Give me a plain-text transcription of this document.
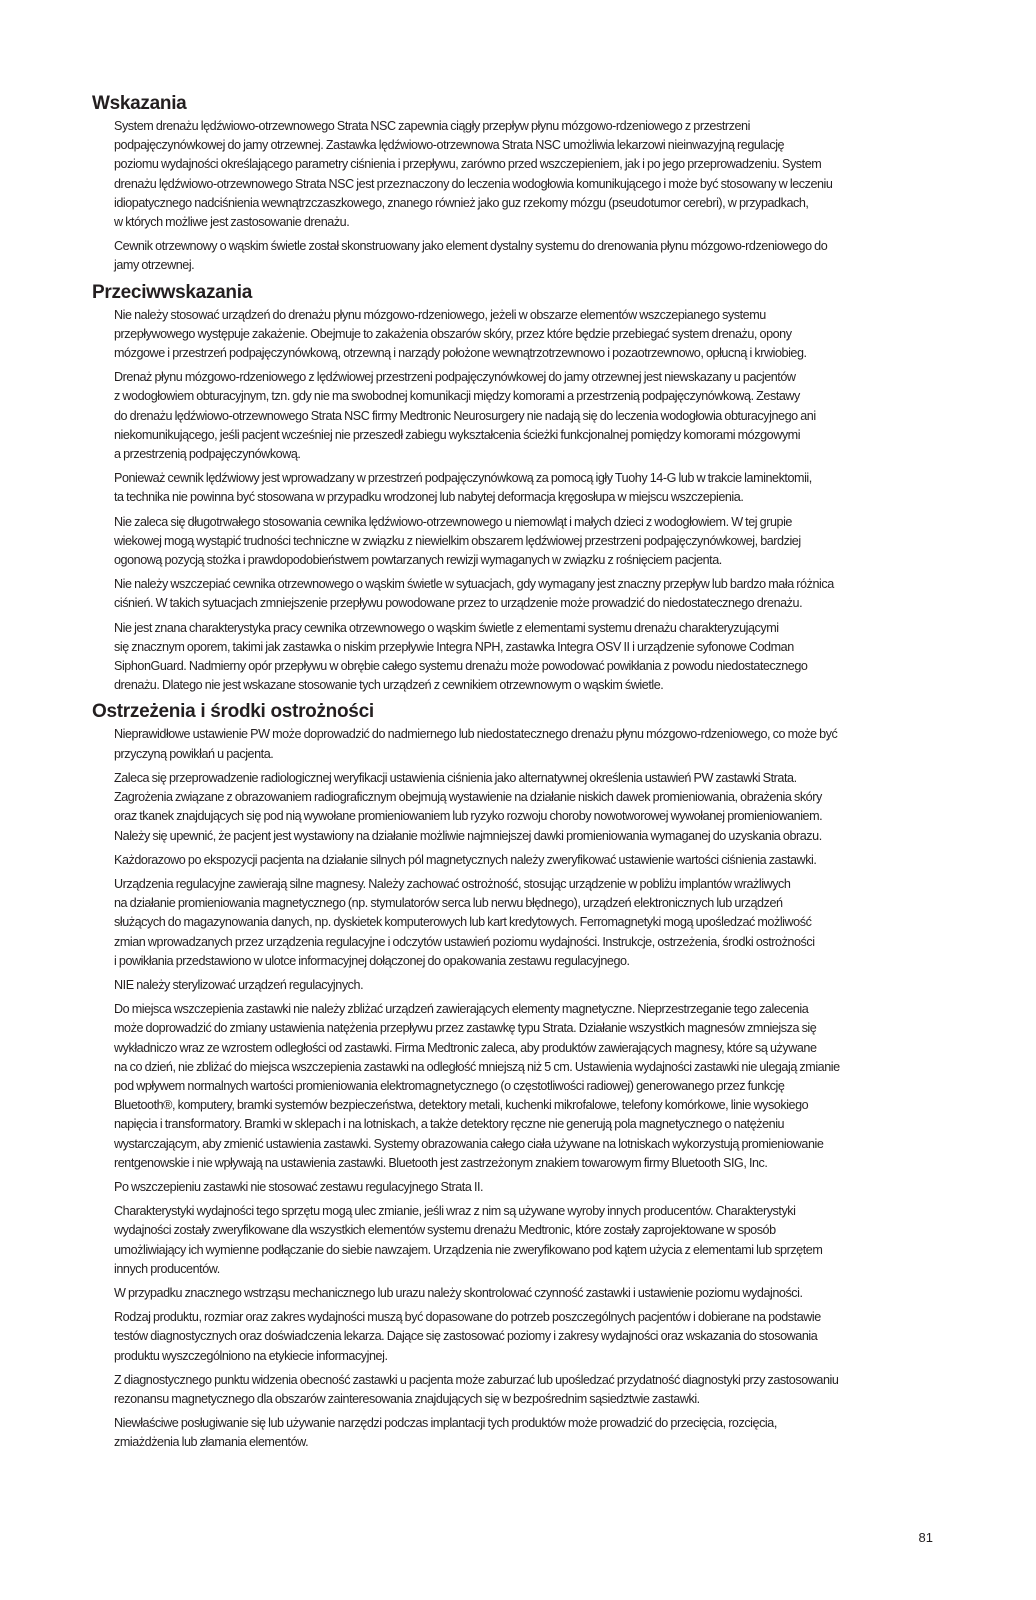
Wskazania

System drenażu lędźwiowo-otrzewnowego Strata NSC zapewnia ciągły przepływ płynu mózgowo-rdzeniowego z przestrzeni
podpajęczynówkowej do jamy otrzewnej. Zastawka lędźwiowo-otrzewnowa Strata NSC umożliwia lekarzowi nieinwazyjną regulację
poziomu wydajności określającego parametry ciśnienia i przepływu, zarówno przed wszczepieniem, jak i po jego przeprowadzeniu. System
drenażu lędźwiowo-otrzewnowego Strata NSC jest przeznaczony do leczenia wodogłowia komunikującego i może być stosowany w leczeniu
idiopatycznego nadciśnienia wewnątrzczaszkowego, znanego również jako guz rzekomy mózgu (pseudotumor cerebri), w przypadkach,
w których możliwe jest zastosowanie drenażu.

Cewnik otrzewnowy o wąskim świetle został skonstruowany jako element dystalny systemu do drenowania płynu mózgowo-rdzeniowego do
jamy otrzewnej.

Przeciwwskazania

Nie należy stosować urządzeń do drenażu płynu mózgowo-rdzeniowego, jeżeli w obszarze elementów wszczepianego systemu
przepływowego występuje zakażenie. Obejmuje to zakażenia obszarów skóry, przez które będzie przebiegać system drenażu, opony
mózgowe i przestrzeń podpajęczynówkową, otrzewną i narządy położone wewnątrzotrzewnowo i pozaotrzewnowo, opłucną i krwiobieg.

Drenaż płynu mózgowo-rdzeniowego z lędźwiowej przestrzeni podpajęczynówkowej do jamy otrzewnej jest niewskazany u pacjentów
z wodogłowiem obturacyjnym, tzn. gdy nie ma swobodnej komunikacji między komorami a przestrzenią podpajęczynówkową. Zestawy
do drenażu lędźwiowo-otrzewnowego Strata NSC firmy Medtronic Neurosurgery nie nadają się do leczenia wodogłowia obturacyjnego ani
niekomunikującego, jeśli pacjent wcześniej nie przeszedł zabiegu wykształcenia ścieżki funkcjonalnej pomiędzy komorami mózgowymi
a przestrzenią podpajęczynówkową.

Ponieważ cewnik lędźwiowy jest wprowadzany w przestrzeń podpajęczynówkową za pomocą igły Tuohy 14-G lub w trakcie laminektomii,
ta technika nie powinna być stosowana w przypadku wrodzonej lub nabytej deformacja kręgosłupa w miejscu wszczepienia.

Nie zaleca się długotrwałego stosowania cewnika lędźwiowo-otrzewnowego u niemowląt i małych dzieci z wodogłowiem. W tej grupie
wiekowej mogą wystąpić trudności techniczne w związku z niewielkim obszarem lędźwiowej przestrzeni podpajęczynówkowej, bardziej
ogonową pozycją stożka i prawdopodobieństwem powtarzanych rewizji wymaganych w związku z rośnięciem pacjenta.

Nie należy wszczepiać cewnika otrzewnowego o wąskim świetle w sytuacjach, gdy wymagany jest znaczny przepływ lub bardzo mała różnica
ciśnień. W takich sytuacjach zmniejszenie przepływu powodowane przez to urządzenie może prowadzić do niedostatecznego drenażu.

Nie jest znana charakterystyka pracy cewnika otrzewnowego o wąskim świetle z elementami systemu drenażu charakteryzującymi
się znacznym oporem, takimi jak zastawka o niskim przepływie Integra NPH, zastawka Integra OSV II i urządzenie syfonowe Codman
SiphonGuard. Nadmierny opór przepływu w obrębie całego systemu drenażu może powodować powikłania z powodu niedostatecznego
drenażu. Dlatego nie jest wskazane stosowanie tych urządzeń z cewnikiem otrzewnowym o wąskim świetle.

Ostrzeżenia i środki ostrożności

Nieprawidłowe ustawienie PW może doprowadzić do nadmiernego lub niedostatecznego drenażu płynu mózgowo-rdzeniowego, co może być
przyczyną powikłań u pacjenta.

Zaleca się przeprowadzenie radiologicznej weryfikacji ustawienia ciśnienia jako alternatywnej określenia ustawień PW zastawki Strata.
Zagrożenia związane z obrazowaniem radiograficznym obejmują wystawienie na działanie niskich dawek promieniowania, obrażenia skóry
oraz tkanek znajdujących się pod nią wywołane promieniowaniem lub ryzyko rozwoju choroby nowotworowej wywołanej promieniowaniem.
Należy się upewnić, że pacjent jest wystawiony na działanie możliwie najmniejszej dawki promieniowania wymaganej do uzyskania obrazu.

Każdorazowo po ekspozycji pacjenta na działanie silnych pól magnetycznych należy zweryfikować ustawienie wartości ciśnienia zastawki.

Urządzenia regulacyjne zawierają silne magnesy. Należy zachować ostrożność, stosując urządzenie w pobliżu implantów wrażliwych
na działanie promieniowania magnetycznego (np. stymulatorów serca lub nerwu błędnego), urządzeń elektronicznych lub urządzeń
służących do magazynowania danych, np. dyskietek komputerowych lub kart kredytowych. Ferromagnetyki mogą upośledzać możliwość
zmian wprowadzanych przez urządzenia regulacyjne i odczytów ustawień poziomu wydajności. Instrukcje, ostrzeżenia, środki ostrożności
i powikłania przedstawiono w ulotce informacyjnej dołączonej do opakowania zestawu regulacyjnego.

NIE należy sterylizować urządzeń regulacyjnych.

Do miejsca wszczepienia zastawki nie należy zbliżać urządzeń zawierających elementy magnetyczne. Nieprzestrzeganie tego zalecenia
może doprowadzić do zmiany ustawienia natężenia przepływu przez zastawkę typu Strata. Działanie wszystkich magnesów zmniejsza się
wykładniczo wraz ze wzrostem odległości od zastawki. Firma Medtronic zaleca, aby produktów zawierających magnesy, które są używane
na co dzień, nie zbliżać do miejsca wszczepienia zastawki na odległość mniejszą niż 5 cm. Ustawienia wydajności zastawki nie ulegają zmianie
pod wpływem normalnych wartości promieniowania elektromagnetycznego (o częstotliwości radiowej) generowanego przez funkcję
Bluetooth®, komputery, bramki systemów bezpieczeństwa, detektory metali, kuchenki mikrofalowe, telefony komórkowe, linie wysokiego
napięcia i transformatory. Bramki w sklepach i na lotniskach, a także detektory ręczne nie generują pola magnetycznego o natężeniu
wystarczającym, aby zmienić ustawienia zastawki. Systemy obrazowania całego ciała używane na lotniskach wykorzystują promieniowanie
rentgenowskie i nie wpływają na ustawienia zastawki. Bluetooth jest zastrzeżonym znakiem towarowym firmy Bluetooth SIG, Inc.

Po wszczepieniu zastawki nie stosować zestawu regulacyjnego Strata II.

Charakterystyki wydajności tego sprzętu mogą ulec zmianie, jeśli wraz z nim są używane wyroby innych producentów. Charakterystyki
wydajności zostały zweryfikowane dla wszystkich elementów systemu drenażu Medtronic, które zostały zaprojektowane w sposób
umożliwiający ich wymienne podłączanie do siebie nawzajem. Urządzenia nie zweryfikowano pod kątem użycia z elementami lub sprzętem
innych producentów.

W przypadku znacznego wstrząsu mechanicznego lub urazu należy skontrolować czynność zastawki i ustawienie poziomu wydajności.

Rodzaj produktu, rozmiar oraz zakres wydajności muszą być dopasowane do potrzeb poszczególnych pacjentów i dobierane na podstawie
testów diagnostycznych oraz doświadczenia lekarza. Dające się zastosować poziomy i zakresy wydajności oraz wskazania do stosowania
produktu wyszczególniono na etykiecie informacyjnej.

Z diagnostycznego punktu widzenia obecność zastawki u pacjenta może zaburzać lub upośledzać przydatność diagnostyki przy zastosowaniu
rezonansu magnetycznego dla obszarów zainteresowania znajdujących się w bezpośrednim sąsiedztwie zastawki.

Niewłaściwe posługiwanie się lub używanie narzędzi podczas implantacji tych produktów może prowadzić do przecięcia, rozcięcia,
zmiażdżenia lub złamania elementów.

81
